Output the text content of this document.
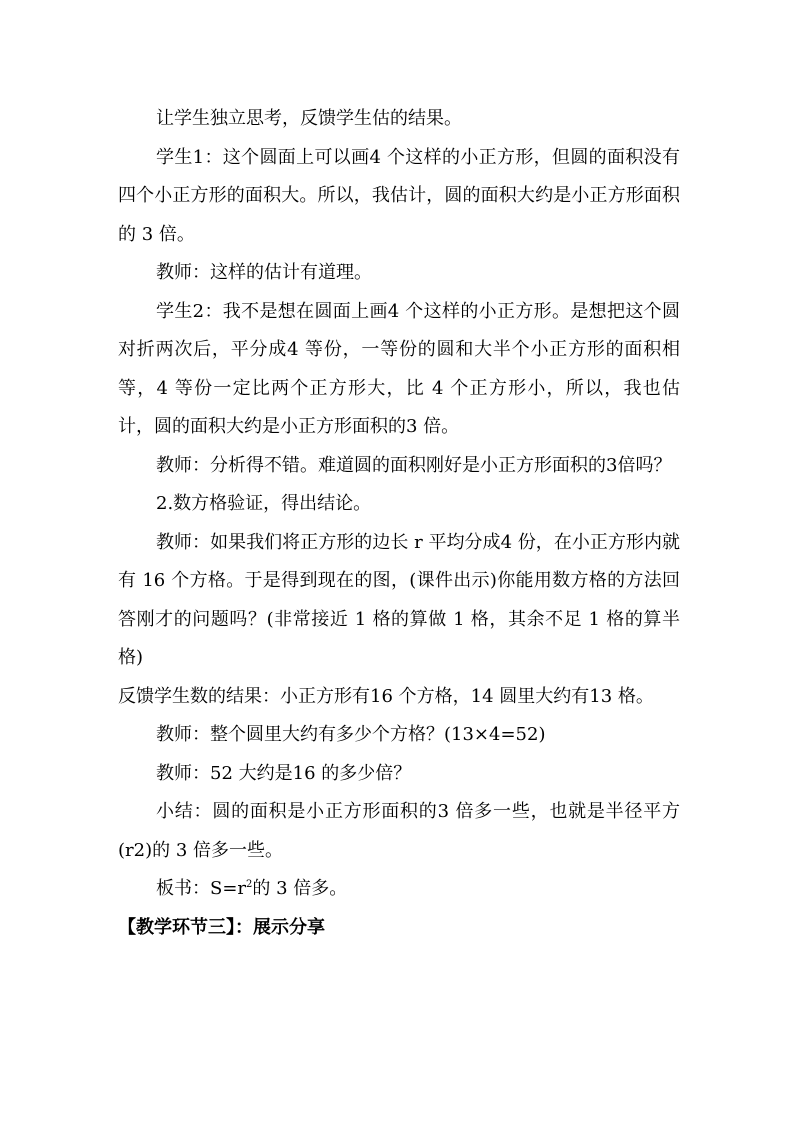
让学生独立思考，反馈学生估的结果。

学生1：这个圆面上可以画4 个这样的小正方形，但圆的面积没有四个小正方形的面积大。所以，我估计，圆的面积大约是小正方形面积的 3 倍。

教师：这样的估计有道理。

学生2：我不是想在圆面上画4 个这样的小正方形。是想把这个圆对折两次后，平分成4 等份，一等份的圆和大半个小正方形的面积相等，4 等份一定比两个正方形大，比 4 个正方形小，所以，我也估计，圆的面积大约是小正方形面积的3 倍。

教师：分析得不错。难道圆的面积刚好是小正方形面积的3倍吗？

2.数方格验证，得出结论。

教师：如果我们将正方形的边长 r 平均分成4 份，在小正方形内就有 16 个方格。于是得到现在的图，(课件出示)你能用数方格的方法回答刚才的问题吗？(非常接近 1 格的算做 1 格，其余不足 1 格的算半格)

反馈学生数的结果：小正方形有16 个方格，14 圆里大约有13 格。

教师：整个圆里大约有多少个方格？(13×4=52)

教师：52 大约是16 的多少倍？

小结：圆的面积是小正方形面积的3 倍多一些，也就是半径平方(r2)的 3 倍多一些。

板书：$S=r^2$的 3 倍多。

【教学环节三】：展示分享
